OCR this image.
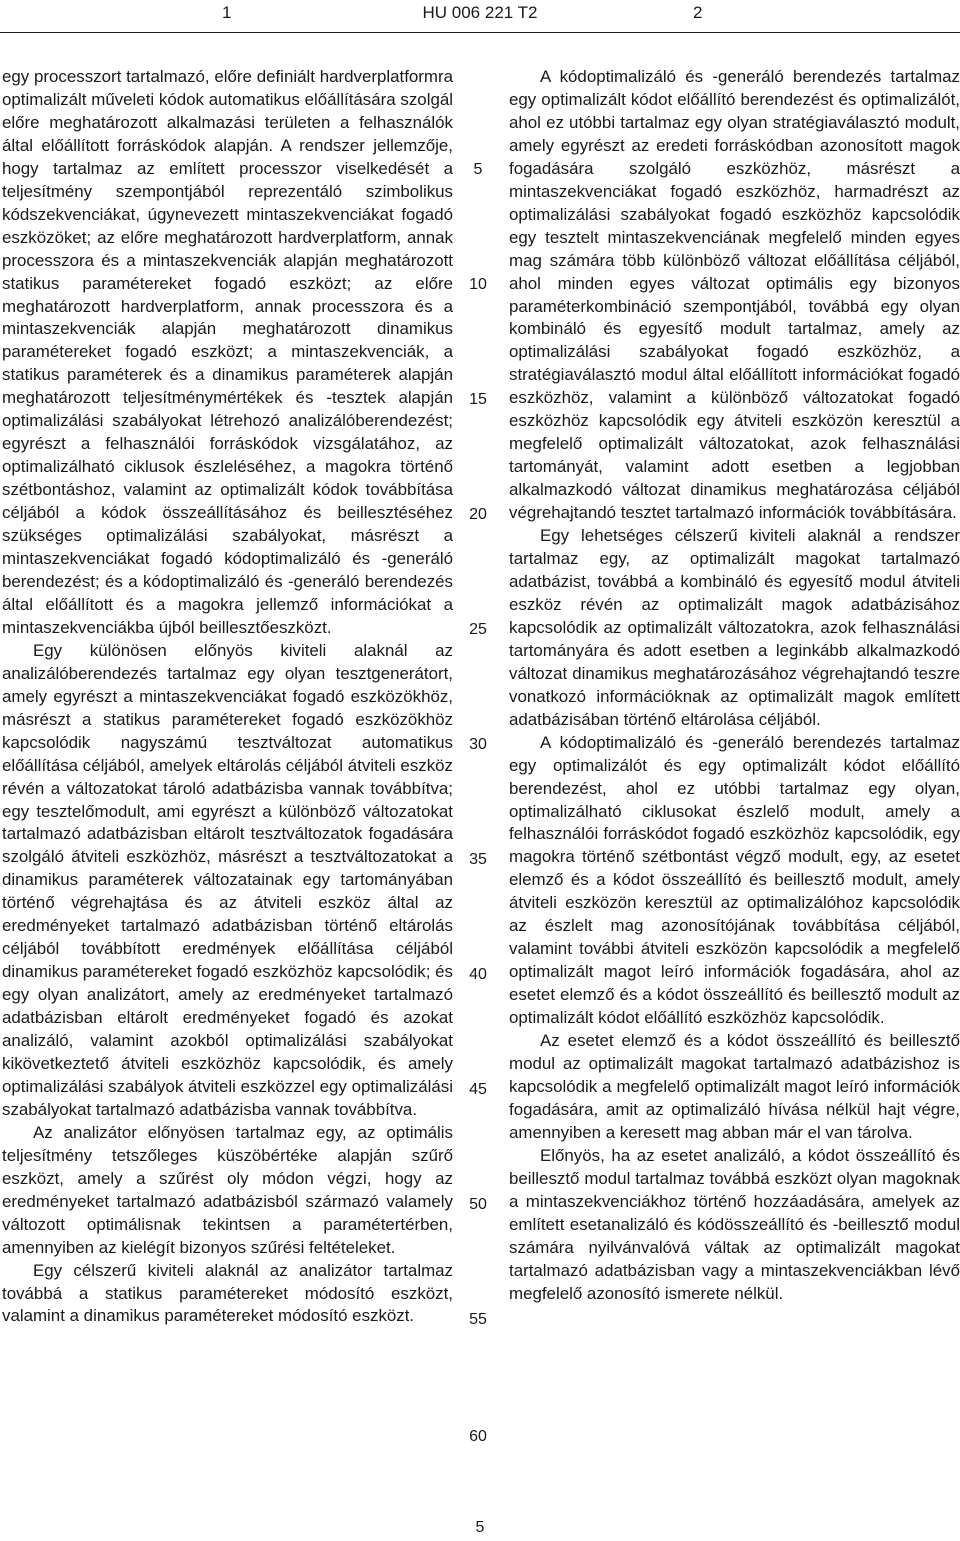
1	HU 006 221 T2	2

egy processzort tartalmazó, előre definiált hardverplatformra optimalizált műveleti kódok automatikus előállítására szolgál előre meghatározott alkalmazási területen a felhasználók által előállított forráskódok alapján. A rendszer jellemzője, hogy tartalmaz az említett processzor viselkedését a teljesítmény szempontjából reprezentáló szimbolikus kódszekvenciákat, úgynevezett mintaszekvenciákat fogadó eszközöket; az előre meghatározott hardverplatform, annak processzora és a mintaszekvenciák alapján meghatározott statikus paramétereket fogadó eszközt; az előre meghatározott hardverplatform, annak processzora és a mintaszekvenciák alapján meghatározott dinamikus paramétereket fogadó eszközt; a mintaszekvenciák, a statikus paraméterek és a dinamikus paraméterek alapján meghatározott teljesítménymértékek és -tesztek alapján optimalizálási szabályokat létrehozó analizálóberendezést; egyrészt a felhasználói forráskódok vizsgálatához, az optimalizálható ciklusok észleléséhez, a magokra történő szétbontáshoz, valamint az optimalizált kódok továbbítása céljából a kódok összeállításához és beillesztéséhez szükséges optimalizálási szabályokat, másrészt a mintaszekvenciákat fogadó kódoptimalizáló és -generáló berendezést; és a kódoptimalizáló és -generáló berendezés által előállított és a magokra jellemző információkat a mintaszekvenciákba újból beillesztőeszközt.

Egy különösen előnyös kiviteli alaknál az analizálóberendezés tartalmaz egy olyan tesztgenerátort, amely egyrészt a mintaszekvenciákat fogadó eszközökhöz, másrészt a statikus paramétereket fogadó eszközökhöz kapcsolódik nagyszámú tesztváltozat automatikus előállítása céljából, amelyek eltárolás céljából átviteli eszköz révén a változatokat tároló adatbázisba vannak továbbítva; egy tesztelőmodult, ami egyrészt a különböző változatokat tartalmazó adatbázisban eltárolt tesztváltozatok fogadására szolgáló átviteli eszközhöz, másrészt a tesztváltozatokat a dinamikus paraméterek változatainak egy tartományában történő végrehajtása és az átviteli eszköz által az eredményeket tartalmazó adatbázisban történő eltárolás céljából továbbított eredmények előállítása céljából dinamikus paramétereket fogadó eszközhöz kapcsolódik; és egy olyan analizátort, amely az eredményeket tartalmazó adatbázisban eltárolt eredményeket fogadó és azokat analizáló, valamint azokból optimalizálási szabályokat kikövetkeztető átviteli eszközhöz kapcsolódik, és amely optimalizálási szabályok átviteli eszközzel egy optimalizálási szabályokat tartalmazó adatbázisba vannak továbbítva.

Az analizátor előnyösen tartalmaz egy, az optimális teljesítmény tetszőleges küszöbértéke alapján szűrő eszközt, amely a szűrést oly módon végzi, hogy az eredményeket tartalmazó adatbázisból származó valamely változott optimálisnak tekintsen a paramétertérben, amennyiben az kielégít bizonyos szűrési feltételeket.

Egy célszerű kiviteli alaknál az analizátor tartalmaz továbbá a statikus paramétereket módosító eszközt, valamint a dinamikus paramétereket módosító eszközt.

5
10
15
20
25
30
35
40
45
50
55
60

A kódoptimalizáló és -generáló berendezés tartalmaz egy optimalizált kódot előállító berendezést és optimalizálót, ahol ez utóbbi tartalmaz egy olyan stratégiaválasztó modult, amely egyrészt az eredeti forráskódban azonosított magok fogadására szolgáló eszközhöz, másrészt a mintaszekvenciákat fogadó eszközhöz, harmadrészt az optimalizálási szabályokat fogadó eszközhöz kapcsolódik egy tesztelt mintaszekvenciának megfelelő minden egyes mag számára több különböző változat előállítása céljából, ahol minden egyes változat optimális egy bizonyos paraméterkombináció szempontjából, továbbá egy olyan kombináló és egyesítő modult tartalmaz, amely az optimalizálási szabályokat fogadó eszközhöz, a stratégiaválasztó modul által előállított információkat fogadó eszközhöz, valamint a különböző változatokat fogadó eszközhöz kapcsolódik egy átviteli eszközön keresztül a megfelelő optimalizált változatokat, azok felhasználási tartományát, valamint adott esetben a legjobban alkalmazkodó változat dinamikus meghatározása céljából végrehajtandó tesztet tartalmazó információk továbbítására.

Egy lehetséges célszerű kiviteli alaknál a rendszer tartalmaz egy, az optimalizált magokat tartalmazó adatbázist, továbbá a kombináló és egyesítő modul átviteli eszköz révén az optimalizált magok adatbázisához kapcsolódik az optimalizált változatokra, azok felhasználási tartományára és adott esetben a leginkább alkalmazkodó változat dinamikus meghatározásához végrehajtandó teszre vonatkozó információknak az optimalizált magok említett adatbázisában történő eltárolása céljából.

A kódoptimalizáló és -generáló berendezés tartalmaz egy optimalizálót és egy optimalizált kódot előállító berendezést, ahol ez utóbbi tartalmaz egy olyan, optimalizálható ciklusokat észlelő modult, amely a felhasználói forráskódot fogadó eszközhöz kapcsolódik, egy magokra történő szétbontást végző modult, egy, az esetet elemző és a kódot összeállító és beillesztő modult, amely átviteli eszközön keresztül az optimalizálóhoz kapcsolódik az észlelt mag azonosítójának továbbítása céljából, valamint további átviteli eszközön kapcsolódik a megfelelő optimalizált magot leíró információk fogadására, ahol az esetet elemző és a kódot összeállító és beillesztő modult az optimalizált kódot előállító eszközhöz kapcsolódik.

Az esetet elemző és a kódot összeállító és beillesztő modul az optimalizált magokat tartalmazó adatbázishoz is kapcsolódik a megfelelő optimalizált magot leíró információk fogadására, amit az optimalizáló hívása nélkül hajt végre, amennyiben a keresett mag abban már el van tárolva.

Előnyös, ha az esetet analizáló, a kódot összeállító és beillesztő modul tartalmaz továbbá eszközt olyan magoknak a mintaszekvenciákhoz történő hozzáadására, amelyek az említett esetanalizáló és kódösszeállító és -beillesztő modul számára nyilvánvalóvá váltak az optimalizált magokat tartalmazó adatbázisban vagy a mintaszekvenciákban lévő megfelelő azonosító ismerete nélkül.

5
